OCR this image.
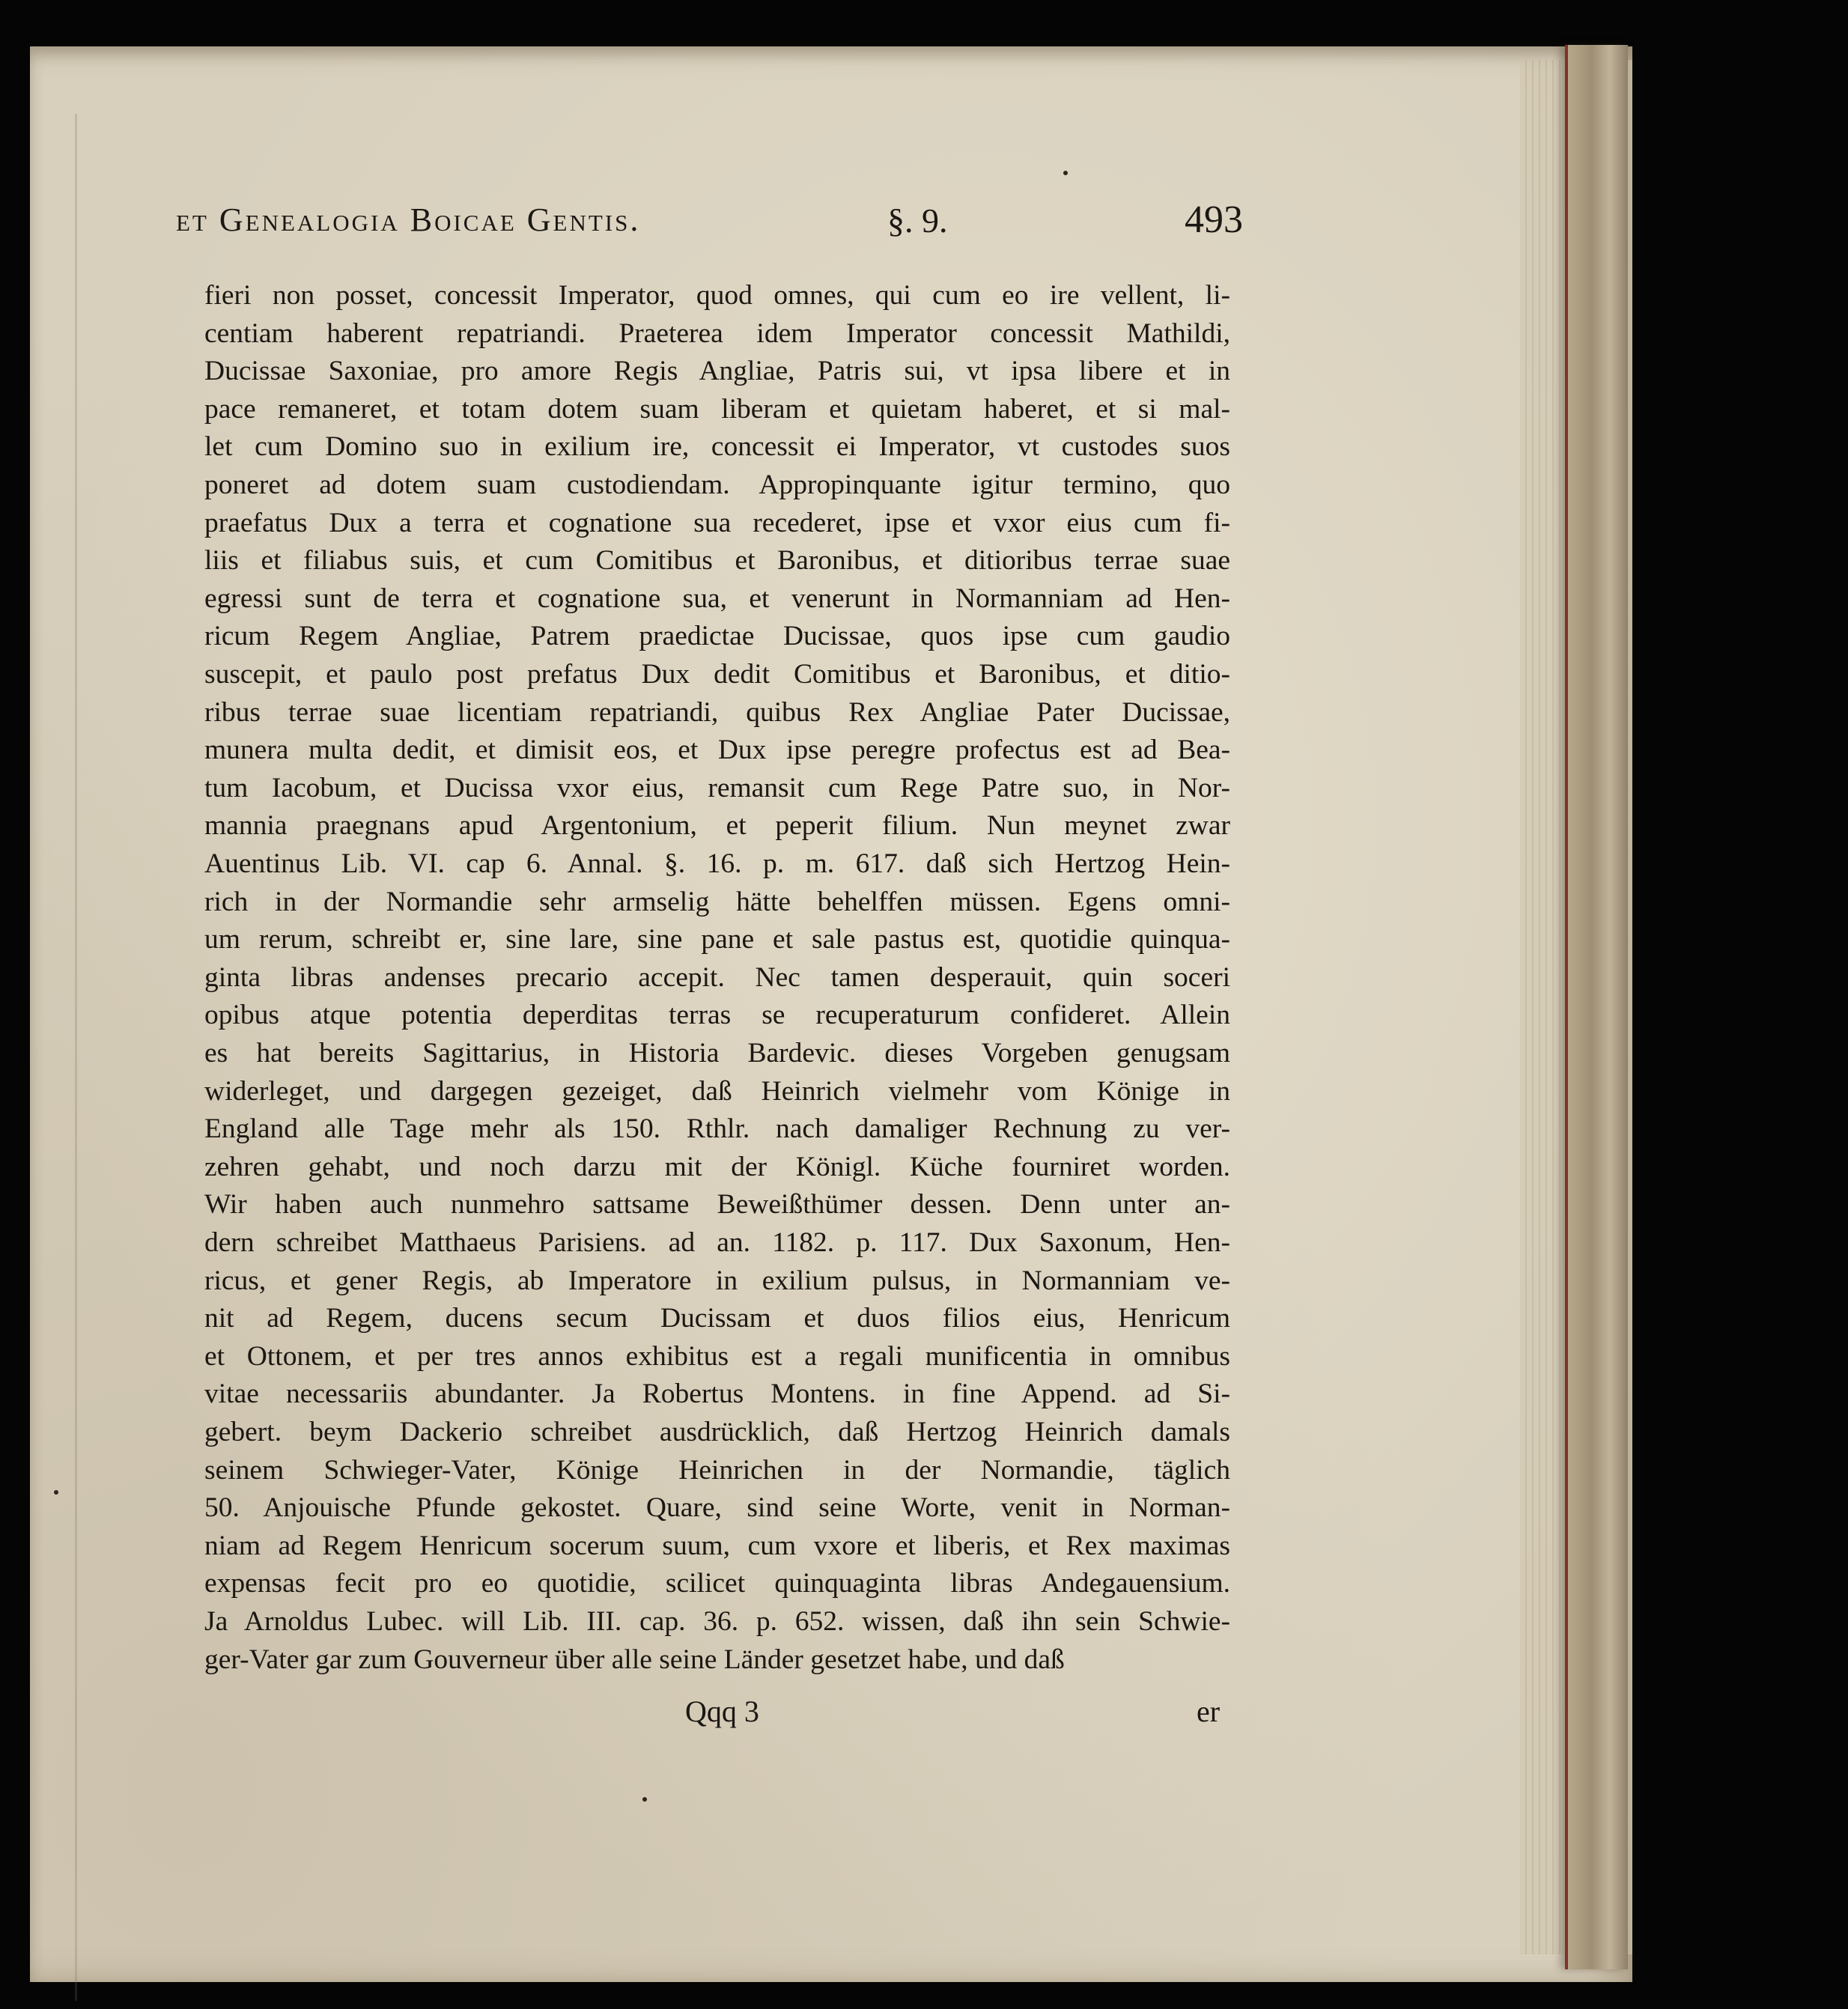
et Genealogia Boicae Gentis.	§. 9.	493
fieri non posset, concessit Imperator, quod omnes, qui cum eo ire vellent, li-
centiam haberent repatriandi. Praeterea idem Imperator concessit Mathildi,
Ducissae Saxoniae, pro amore Regis Angliae, Patris sui, vt ipsa libere et in
pace remaneret, et totam dotem suam liberam et quietam haberet, et si mal-
let cum Domino suo in exilium ire, concessit ei Imperator, vt custodes suos
poneret ad dotem suam custodiendam. Appropinquante igitur termino, quo
praefatus Dux a terra et cognatione sua recederet, ipse et vxor eius cum fi-
liis et filiabus suis, et cum Comitibus et Baronibus, et ditioribus terrae suae
egressi sunt de terra et cognatione sua, et venerunt in Normanniam ad Hen-
ricum Regem Angliae, Patrem praedictae Ducissae, quos ipse cum gaudio
suscepit, et paulo post prefatus Dux dedit Comitibus et Baronibus, et ditio-
ribus terrae suae licentiam repatriandi, quibus Rex Angliae Pater Ducissae,
munera multa dedit, et dimisit eos, et Dux ipse peregre profectus est ad Bea-
tum Iacobum, et Ducissa vxor eius, remansit cum Rege Patre suo, in Nor-
mannia praegnans apud Argentonium, et peperit filium. Nun meynet zwar
Auentinus Lib. VI. cap 6. Annal. §. 16. p. m. 617. daß sich Hertzog Hein-
rich in der Normandie sehr armselig hätte behelffen müssen. Egens omni-
um rerum, schreibt er, sine lare, sine pane et sale pastus est, quotidie quinqua-
ginta libras andenses precario accepit. Nec tamen desperauit, quin soceri
opibus atque potentia deperditas terras se recuperaturum confideret. Allein
es hat bereits Sagittarius, in Historia Bardevic. dieses Vorgeben genugsam
widerleget, und dargegen gezeiget, daß Heinrich vielmehr vom Könige in
England alle Tage mehr als 150. Rthlr. nach damaliger Rechnung zu ver-
zehren gehabt, und noch darzu mit der Königl. Küche fourniret worden.
Wir haben auch nunmehro sattsame Beweißthümer dessen. Denn unter an-
dern schreibet Matthaeus Parisiens. ad an. 1182. p. 117. Dux Saxonum, Hen-
ricus, et gener Regis, ab Imperatore in exilium pulsus, in Normanniam ve-
nit ad Regem, ducens secum Ducissam et duos filios eius, Henricum
et Ottonem, et per tres annos exhibitus est a regali munificentia in omnibus
vitae necessariis abundanter. Ja Robertus Montens. in fine Append. ad Si-
gebert. beym Dackerio schreibet ausdrücklich, daß Hertzog Heinrich damals
seinem Schwieger-Vater, Könige Heinrichen in der Normandie, täglich
50. Anjouische Pfunde gekostet. Quare, sind seine Worte, venit in Norman-
niam ad Regem Henricum socerum suum, cum vxore et liberis, et Rex maximas
expensas fecit pro eo quotidie, scilicet quinquaginta libras Andegauensium.
Ja Arnoldus Lubec. will Lib. III. cap. 36. p. 652. wissen, daß ihn sein Schwie-
ger-Vater gar zum Gouverneur über alle seine Länder gesetzet habe, und daß
Qqq 3	er
